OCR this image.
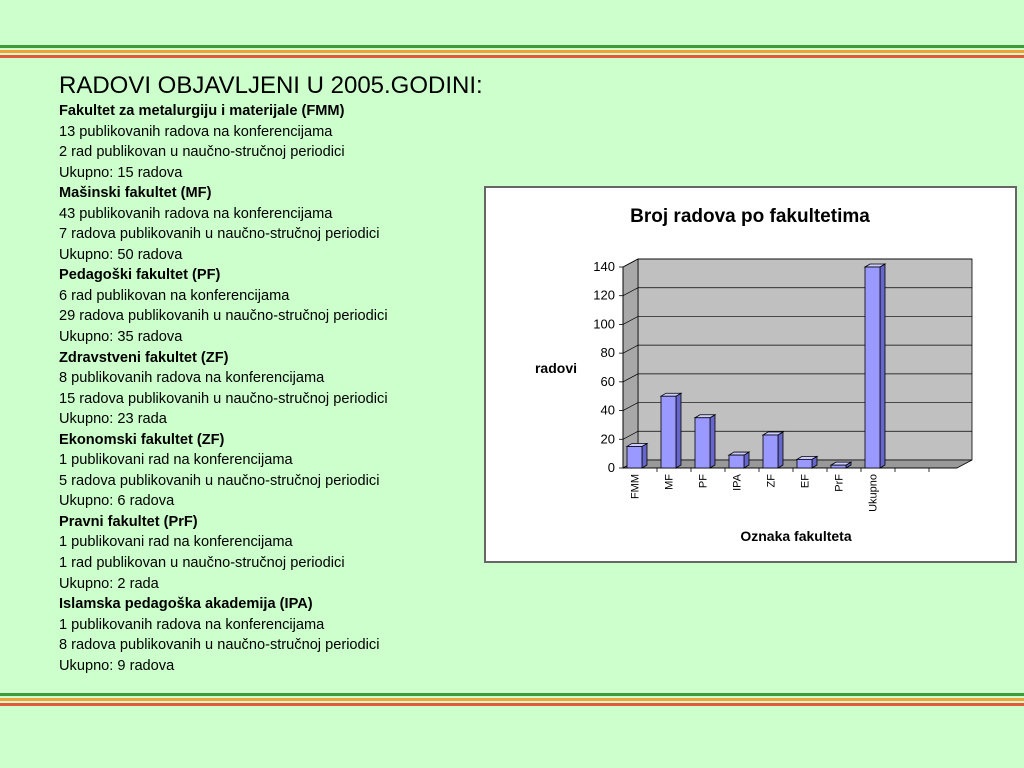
RADOVI OBJAVLJENI U 2005.GODINI:
Fakultet za metalurgiju i materijale (FMM)
13 publikovanih radova na konferencijama
2 rad publikovan u naučno-stručnoj periodici
Ukupno: 15 radova
Mašinski fakultet (MF)
43 publikovanih radova na konferencijama
7 radova publikovanih u naučno-stručnoj periodici
Ukupno: 50 radova
Pedagoški fakultet (PF)
6 rad publikovan na konferencijama
29 radova publikovanih u naučno-stručnoj periodici
Ukupno: 35 radova
Zdravstveni fakultet (ZF)
8 publikovanih radova na konferencijama
15 radova publikovanih u naučno-stručnoj periodici
Ukupno: 23 rada
Ekonomski fakultet (ZF)
1 publikovani rad na konferencijama
5 radova publikovanih u naučno-stručnoj periodici
Ukupno: 6 radova
Pravni fakultet (PrF)
1 publikovani rad na konferencijama
1 rad publikovan u naučno-stručnoj periodici
Ukupno: 2 rada
Islamska pedagoška akademija (IPA)
1 publikovanih radova na konferencijama
8 radova publikovanih u naučno-stručnoj periodici
Ukupno: 9 radova
Broj radova po fakultetima
0
20
40
60
80
100
120
140
FMM MF PF IPA ZF EF PrF Ukupno
radovi
Oznaka fakulteta
